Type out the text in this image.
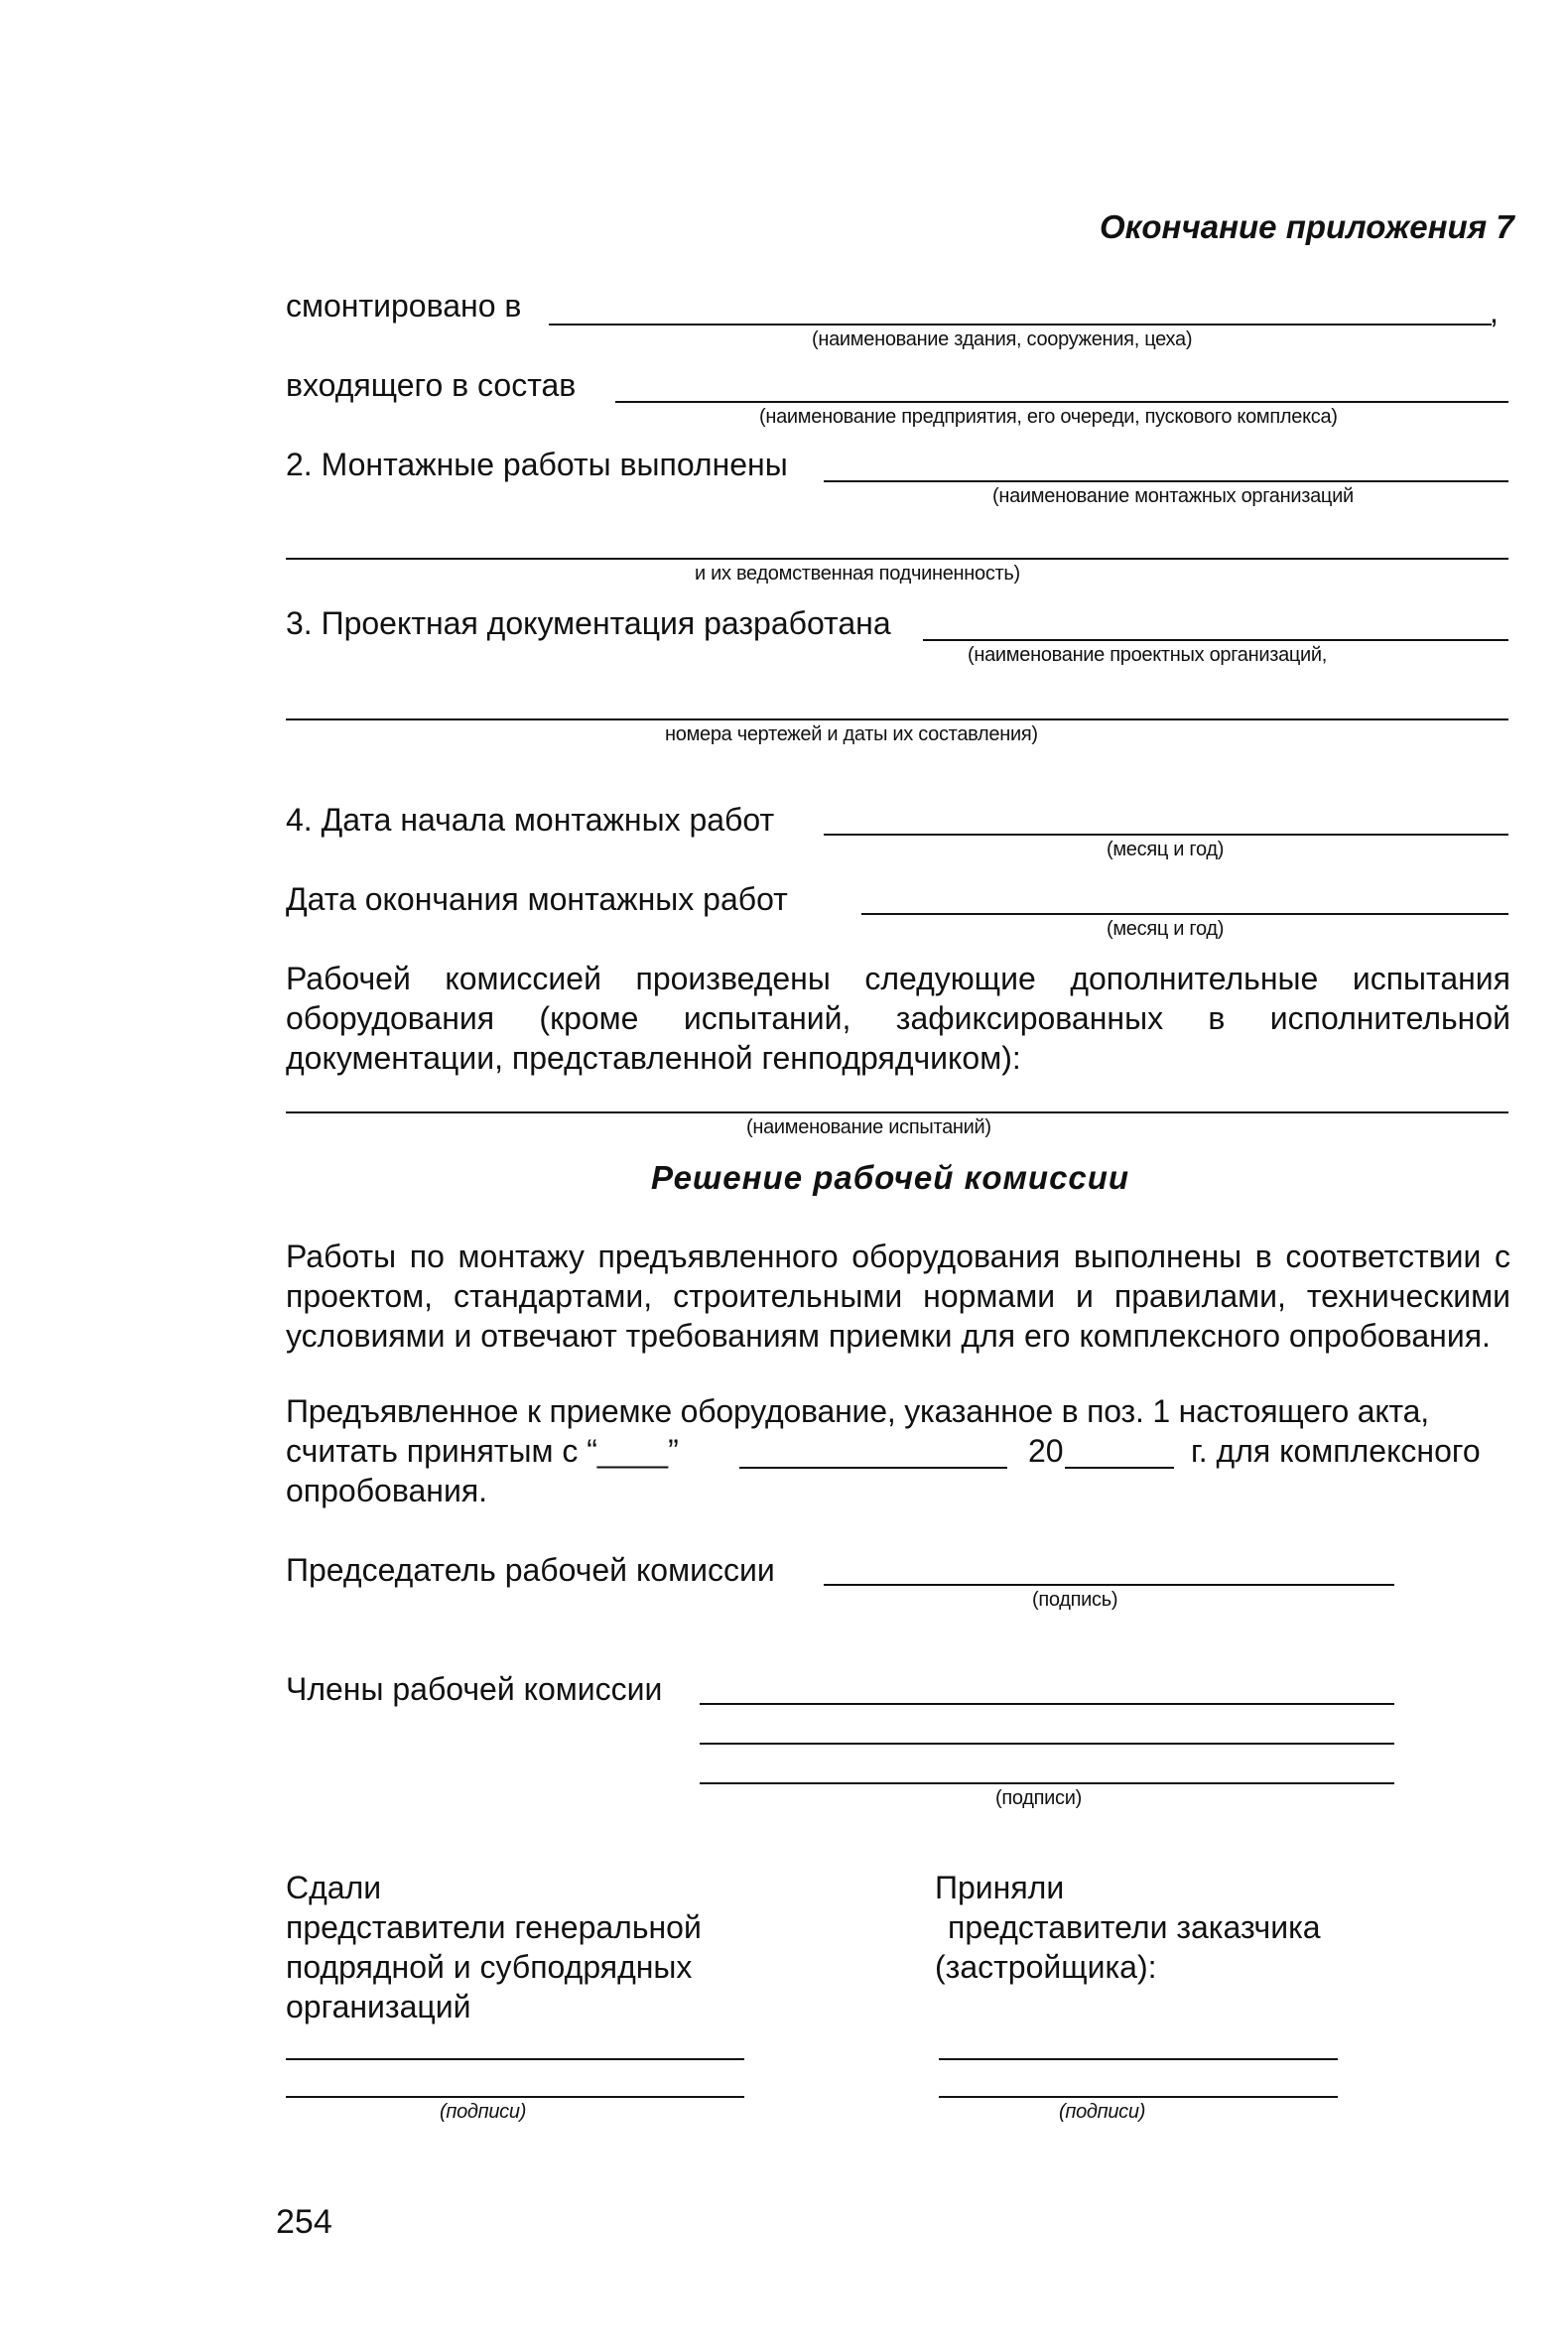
Окончание приложения 7
смонтировано в	,
(наименование здания, сооружения, цеха)
входящего в состав
(наименование предприятия, его очереди, пускового комплекса)
2. Монтажные работы выполнены
(наименование монтажных организаций
и их ведомственная подчиненность)
3. Проектная документация разработана
(наименование проектных организаций,
номера чертежей и даты их составления)
4. Дата начала монтажных работ
(месяц и год)
Дата окончания монтажных работ
(месяц и год)
Рабочей комиссией произведены следующие дополнительные испытания оборудования (кроме испытаний, зафиксированных в исполнительной документации, представленной генподрядчиком):
(наименование испытаний)
Решение рабочей комиссии
Работы по монтажу предъявленного оборудования выполнены в соответствии с проектом, стандартами, строительными нормами и правилами, техническими условиями и отвечают требованиям приемки для его комплексного опробования.
Предъявленное к приемке оборудование, указанное в поз. 1 настоящего акта,
считать принятым с “____”	20	г. для комплексного
опробования.
Председатель рабочей комиссии
(подпись)
Члены рабочей комиссии
(подписи)
Сдали
представители генеральной
подрядной и субподрядных
организаций
(подписи)
Приняли
представители заказчика
(застройщика):
(подписи)
254
